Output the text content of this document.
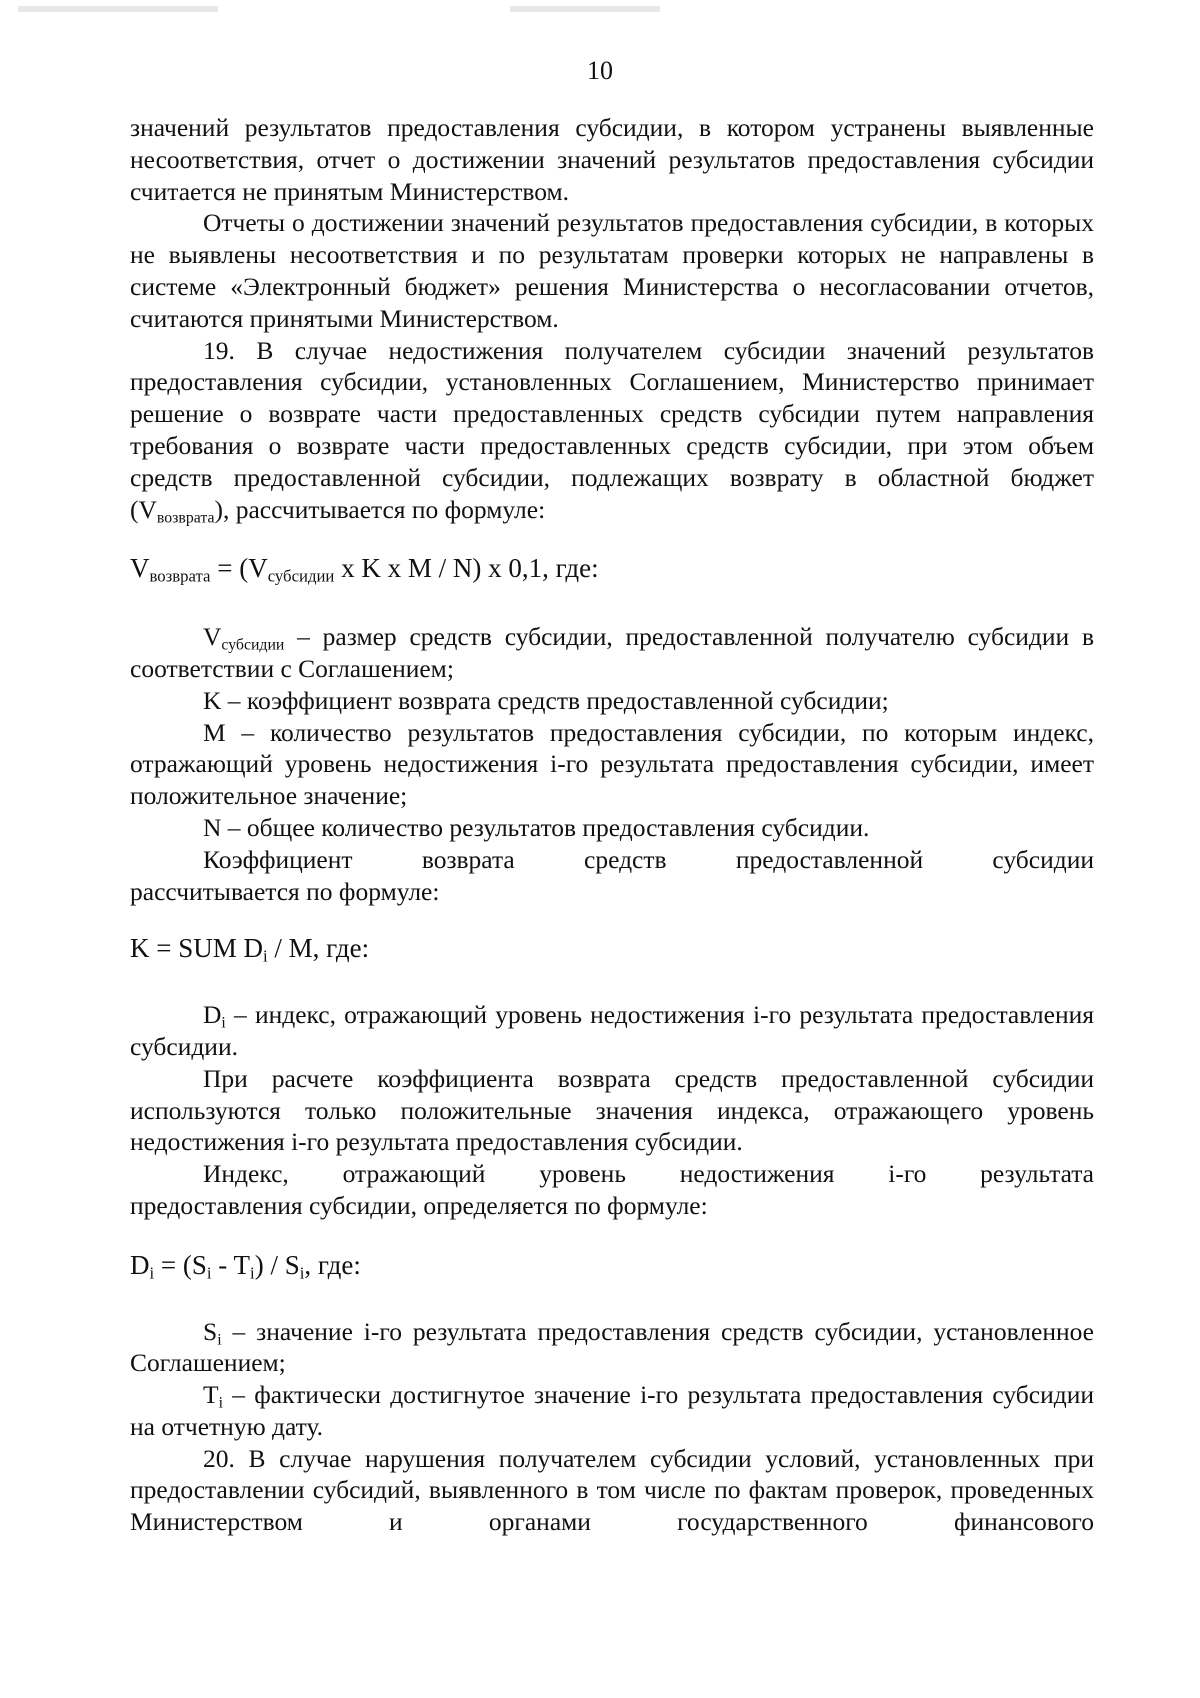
10

значений результатов предоставления субсидии, в котором устранены выявленные несоответствия, отчет о достижении значений результатов предоставления субсидии считается не принятым Министерством.

Отчеты о достижении значений результатов предоставления субсидии, в которых не выявлены несоответствия и по результатам проверки которых не направлены в системе «Электронный бюджет» решения Министерства о несогласовании отчетов, считаются принятыми Министерством.

19. В случае недостижения получателем субсидии значений результатов предоставления субсидии, установленных Соглашением, Министерство принимает решение о возврате части предоставленных средств субсидии путем направления требования о возврате части предоставленных средств субсидии, при этом объем средств предоставленной субсидии, подлежащих возврату в областной бюджет $(V_{возврата})$, рассчитывается по формуле:

$V_{возврата} = (V_{субсидии}$ x K x M / N) x 0,1, где:

$V_{субсидии}$ – размер средств субсидии, предоставленной получателю субсидии в соответствии с Соглашением;

K – коэффициент возврата средств предоставленной субсидии;

M – количество результатов предоставления субсидии, по которым индекс, отражающий уровень недостижения i-го результата предоставления субсидии, имеет положительное значение;

N – общее количество результатов предоставления субсидии.

Коэффициент возврата средств предоставленной субсидии

рассчитывается по формуле:

K = SUM $D_i$ / M, где:

$D_i$ – индекс, отражающий уровень недостижения i-го результата предоставления субсидии.

При расчете коэффициента возврата средств предоставленной субсидии используются только положительные значения индекса, отражающего уровень недостижения i-го результата предоставления субсидии.

Индекс, отражающий уровень недостижения i-го результата

предоставления субсидии, определяется по формуле:

$D_i = (S_i - T_i) / S_i$, где:

$S_i$ – значение i-го результата предоставления средств субсидии, установленное Соглашением;

$T_i$ – фактически достигнутое значение i-го результата предоставления субсидии на отчетную дату.

20. В случае нарушения получателем субсидии условий, установленных при предоставлении субсидий, выявленного в том числе по фактам проверок, проведенных Министерством и органами государственного финансового
